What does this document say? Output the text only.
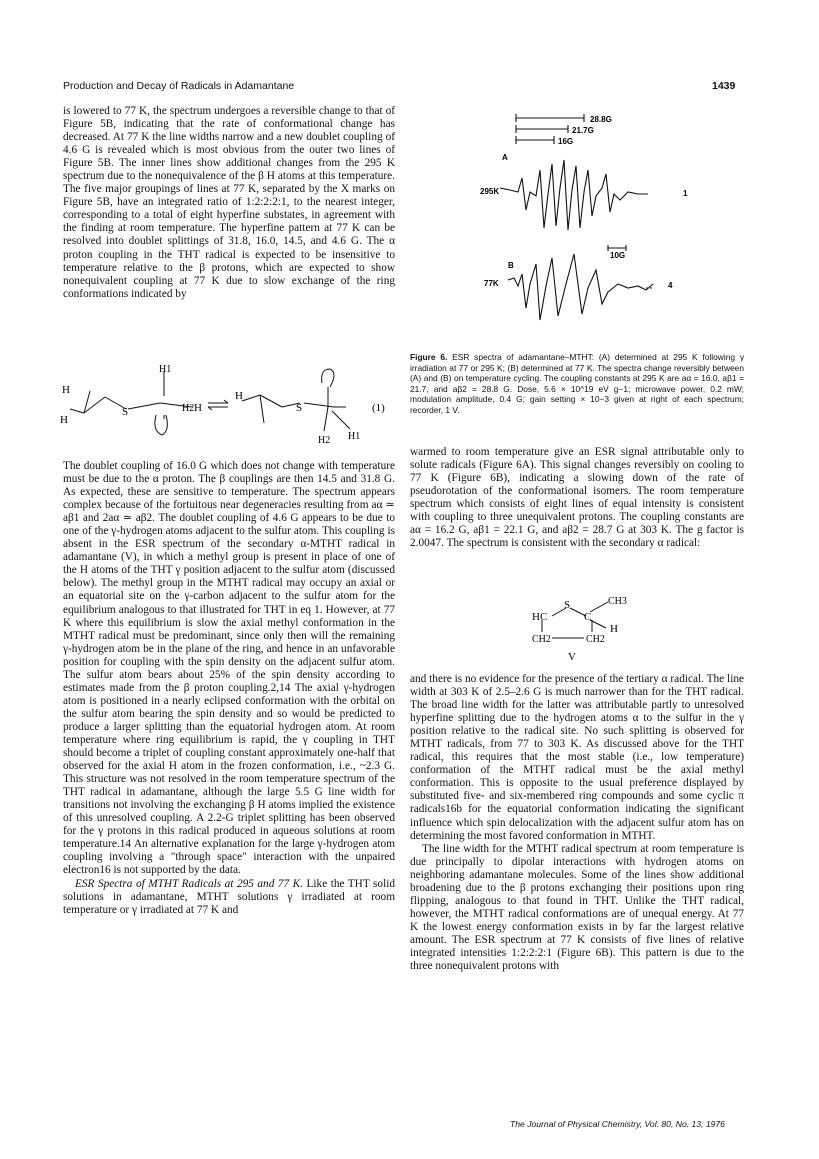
Production and Decay of Radicals in Adamantane	1439

is lowered to 77 K, the spectrum undergoes a reversible change to that of Figure 5B, indicating that the rate of conformational change has decreased. At 77 K the line widths narrow and a new doublet coupling of 4.6 G is revealed which is most obvious from the outer two lines of Figure 5B. The inner lines show additional changes from the 295 K spectrum due to the nonequivalence of the β H atoms at this temperature. The five major groupings of lines at 77 K, separated by the X marks on Figure 5B, have an integrated ratio of 1:2:2:2:1, to the nearest integer, corresponding to a total of eight hyperfine substates, in agreement with the finding at room temperature. The hyperfine pattern at 77 K can be resolved into doublet splittings of 31.8, 16.0, 14.5, and 4.6 G. The α proton coupling in the THT radical is expected to be insensitive to temperature relative to the β protons, which are expected to show nonequivalent coupling at 77 K due to slow exchange of the ring conformations indicated by

H
H
S
H1
H2 H
H
S
H2 H1
(1)

The doublet coupling of 16.0 G which does not change with temperature must be due to the α proton. The β couplings are then 14.5 and 31.8 G. As expected, these are sensitive to temperature. The spectrum appears complex because of the fortuitous near degeneracies resulting from aα ≃ aβ1 and 2aα ≃ aβ2. The doublet coupling of 4.6 G appears to be due to one of the γ-hydrogen atoms adjacent to the sulfur atom. This coupling is absent in the ESR spectrum of the secondary α-MTHT radical in adamantane (V), in which a methyl group is present in place of one of the H atoms of the THT γ position adjacent to the sulfur atom (discussed below). The methyl group in the MTHT radical may occupy an axial or an equatorial site on the γ-carbon adjacent to the sulfur atom for the equilibrium analogous to that illustrated for THT in eq 1. However, at 77 K where this equilibrium is slow the axial methyl conformation in the MTHT radical must be predominant, since only then will the remaining γ-hydrogen atom be in the plane of the ring, and hence in an unfavorable position for coupling with the spin density on the adjacent sulfur atom. The sulfur atom bears about 25% of the spin density according to estimates made from the β proton coupling.2,14 The axial γ-hydrogen atom is positioned in a nearly eclipsed conformation with the orbital on the sulfur atom bearing the spin density and so would be predicted to produce a larger splitting than the equatorial hydrogen atom. At room temperature where ring equilibrium is rapid, the γ coupling in THT should become a triplet of coupling constant approximately one-half that observed for the axial H atom in the frozen conformation, i.e., ~2.3 G. This structure was not resolved in the room temperature spectrum of the THT radical in adamantane, although the large 5.5 G line width for transitions not involving the exchanging β H atoms implied the existence of this unresolved coupling. A 2.2-G triplet splitting has been observed for the γ protons in this radical produced in aqueous solutions at room temperature.14 An alternative explanation for the large γ-hydrogen atom coupling involving a "through space" interaction with the unpaired electron16 is not supported by the data.

ESR Spectra of MTHT Radicals at 295 and 77 K. Like the THT solid solutions in adamantane, MTHT solutions γ irradiated at room temperature or γ irradiated at 77 K and

28.8G
21.7G
16G
A
295K	1
10G
B
77K	4
Figure 6. ESR spectra of adamantane–MTHT: (A) determined at 295 K following γ irradiation at 77 or 295 K; (B) determined at 77 K. The spectra change reversibly between (A) and (B) on temperature cycling. The coupling constants at 295 K are aα = 16.0, aβ1 = 21.7, and aβ2 = 28.8 G. Dose, 5.6 × 10^19 eV g−1; microwave power, 0.2 mW; modulation amplitude, 0.4 G; gain setting × 10−3 given at right of each spectrum; recorder, 1 V.

warmed to room temperature give an ESR signal attributable only to solute radicals (Figure 6A). This signal changes reversibly on cooling to 77 K (Figure 6B), indicating a slowing down of the rate of pseudorotation of the conformational isomers. The room temperature spectrum which consists of eight lines of equal intensity is consistent with coupling to three unequivalent protons. The coupling constants are aα = 16.2 G, aβ1 = 22.1 G, and aβ2 = 28.7 G at 303 K. The g factor is 2.0047. The spectrum is consistent with the secondary α radical:

HC
S
C
CH3
H
CH2	CH2
V

and there is no evidence for the presence of the tertiary α radical. The line width at 303 K of 2.5–2.6 G is much narrower than for the THT radical. The broad line width for the latter was attributable partly to unresolved hyperfine splitting due to the hydrogen atoms α to the sulfur in the γ position relative to the radical site. No such splitting is observed for MTHT radicals, from 77 to 303 K. As discussed above for the THT radical, this requires that the most stable (i.e., low temperature) conformation of the MTHT radical must be the axial methyl conformation. This is opposite to the usual preference displayed by substituted five- and six-membered ring compounds and some cyclic π radicals16b for the equatorial conformation indicating the significant influence which spin delocalization with the adjacent sulfur atom has on determining the most favored conformation in MTHT.

The line width for the MTHT radical spectrum at room temperature is due principally to dipolar interactions with hydrogen atoms on neighboring adamantane molecules. Some of the lines show additional broadening due to the β protons exchanging their positions upon ring flipping, analogous to that found in THT. Unlike the THT radical, however, the MTHT radical conformations are of unequal energy. At 77 K the lowest energy conformation exists in by far the largest relative amount. The ESR spectrum at 77 K consists of five lines of relative integrated intensities 1:2:2:2:1 (Figure 6B). This pattern is due to the three nonequivalent protons with

The Journal of Physical Chemistry, Vol. 80, No. 13, 1976
